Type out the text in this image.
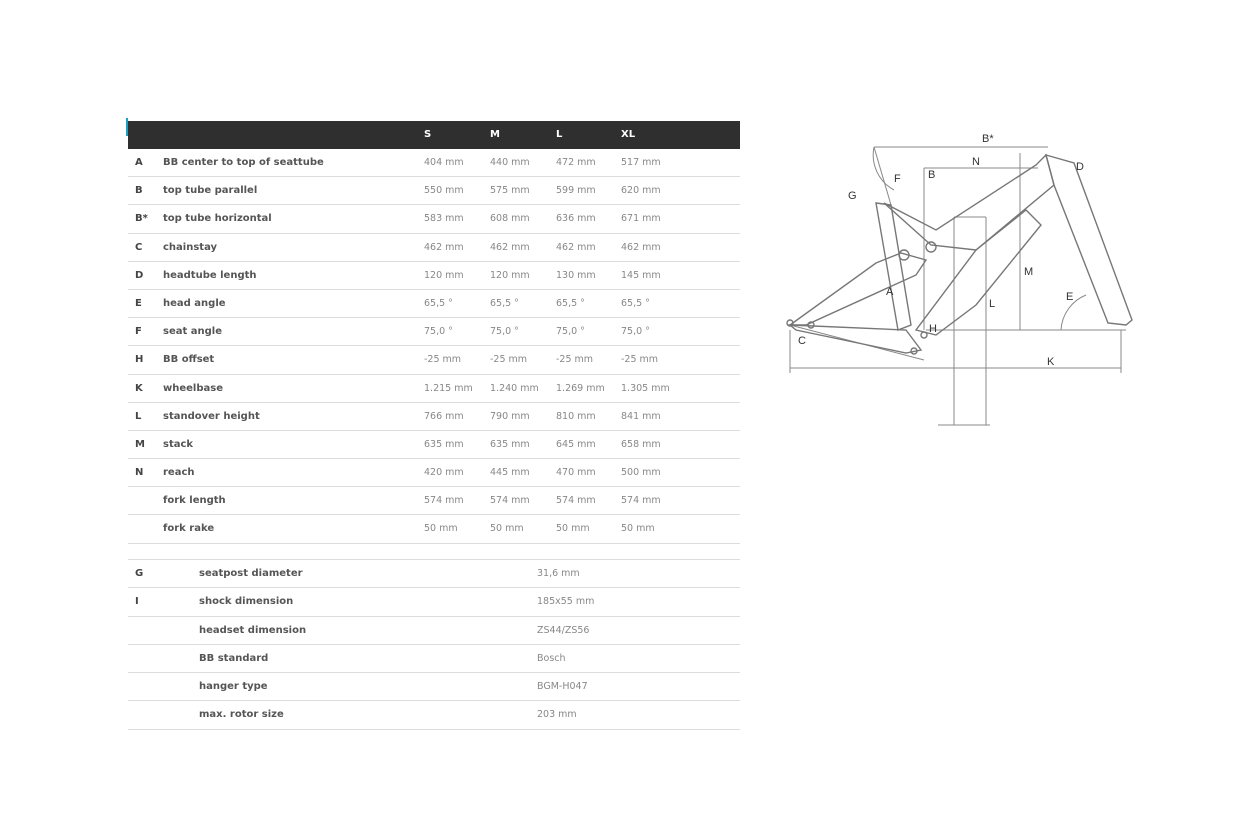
S	M	L	XL
A BB center to top of seattube	404 mm	440 mm	472 mm	517 mm
B top tube parallel	550 mm	575 mm	599 mm	620 mm
B* top tube horizontal	583 mm	608 mm	636 mm	671 mm
C chainstay	462 mm	462 mm	462 mm	462 mm
D headtube length	120 mm	120 mm	130 mm	145 mm
E head angle	65,5 °	65,5 °	65,5 °	65,5 °
F seat angle	75,0 °	75,0 °	75,0 °	75,0 °
H BB offset	-25 mm	-25 mm	-25 mm	-25 mm
K wheelbase	1.215 mm 1.240 mm 1.269 mm 1.305 mm
L standover height	766 mm	790 mm	810 mm	841 mm
M stack	635 mm	635 mm	645 mm	658 mm
N reach	420 mm	445 mm	470 mm	500 mm
fork length	574 mm	574 mm	574 mm	574 mm
fork rake	50 mm	50 mm	50 mm	50 mm
G	seatpost diameter	31,6 mm
I	shock dimension	185x55 mm
headset dimension	ZS44/ZS56
BB standard	Bosch
hanger type	BGM-H047
max. rotor size	203 mm
B*
N
B
D
F
G
M
A
L
E
H
C
K
